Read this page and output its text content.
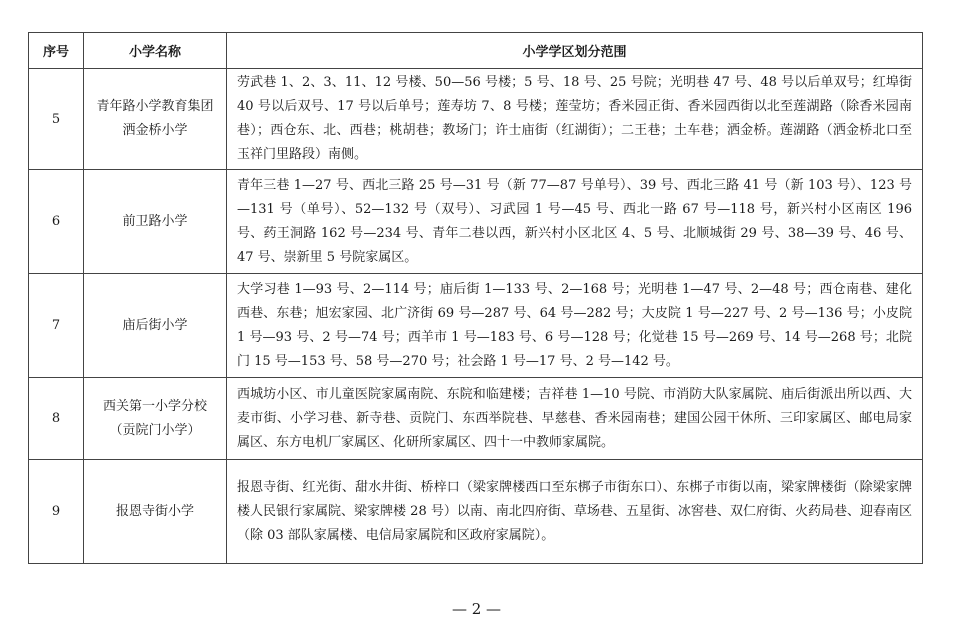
序号	小学名称	小学学区划分范围
5	青年路小学教育集团洒金桥小学	劳武巷 1、2、3、11、12 号楼、50—56 号楼；5 号、18 号、25 号院；光明巷 47 号、48 号以后单双号；红埠街 40 号以后双号、17 号以后单号；莲寿坊 7、8 号楼；莲莹坊；香米园正街、香米园西街以北至莲湖路（除香米园南巷）；西仓东、北、西巷；桃胡巷；教场门；许士庙街（红湖街）；二王巷；土车巷；洒金桥。莲湖路（洒金桥北口至玉祥门里路段）南侧。
6	前卫路小学	青年三巷 1—27 号、西北三路 25 号—31 号（新 77—87 号单号）、39 号、西北三路 41 号（新 103 号）、123 号—131 号（单号）、52—132 号（双号）、习武园 1 号—45 号、西北一路 67 号—118 号，新兴村小区南区 196 号、药王洞路 162 号—234 号、青年二巷以西，新兴村小区北区 4、5 号、北顺城街 29 号、38—39 号、46 号、47 号、崇新里 5 号院家属区。
7	庙后街小学	大学习巷 1—93 号、2—114 号；庙后街 1—133 号、2—168 号；光明巷 1—47 号、2—48 号；西仓南巷、建化西巷、东巷；旭宏家园、北广济街 69 号—287 号、64 号—282 号；大皮院 1 号—227 号、2 号—136 号；小皮院 1 号—93 号、2 号—74 号；西羊市 1 号—183 号、6 号—128 号；化觉巷 15 号—269 号、14 号—268 号；北院门 15 号—153 号、58 号—270 号；社会路 1 号—17 号、2 号—142 号。
8	西关第一小学分校（贡院门小学）	西城坊小区、市儿童医院家属南院、东院和临建楼；吉祥巷 1—10 号院、市消防大队家属院、庙后街派出所以西、大麦市街、小学习巷、新寺巷、贡院门、东西举院巷、早慈巷、香米园南巷；建国公园干休所、三印家属区、邮电局家属区、东方电机厂家属区、化研所家属区、四十一中教师家属院。
9	报恩寺街小学	报恩寺街、红光街、甜水井街、桥梓口（梁家牌楼西口至东梆子市街东口）、东梆子市街以南，梁家牌楼街（除梁家牌楼人民银行家属院、梁家牌楼 28 号）以南、南北四府街、草场巷、五星街、冰窖巷、双仁府街、火药局巷、迎春南区（除 03 部队家属楼、电信局家属院和区政府家属院）。
— 2 —
